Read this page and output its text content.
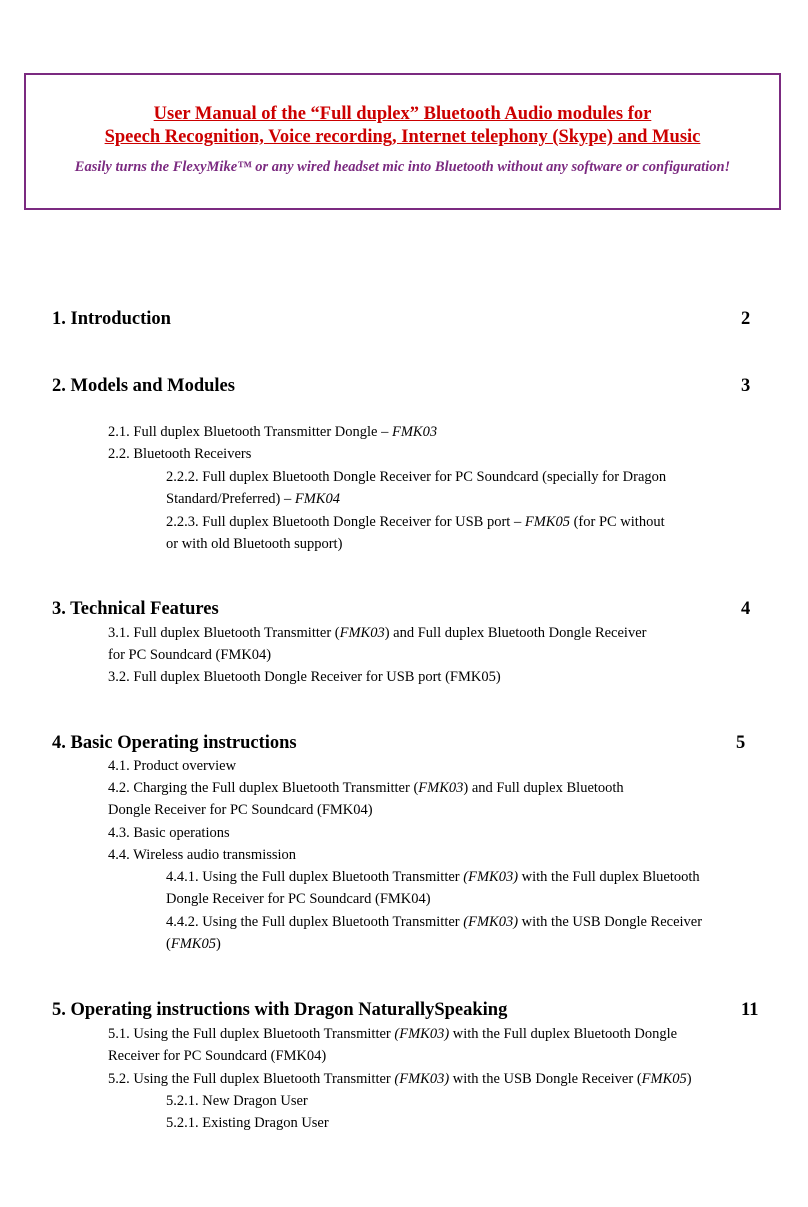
User Manual of the “Full duplex” Bluetooth Audio modules for
Speech Recognition, Voice recording, Internet telephony (Skype) and Music
Easily turns the FlexyMike™ or any wired headset mic into Bluetooth without any software or configuration!
1. Introduction	2
2. Models and Modules	3
2.1. Full duplex Bluetooth Transmitter Dongle – FMK03
2.2. Bluetooth Receivers
2.2.2. Full duplex Bluetooth Dongle Receiver for PC Soundcard (specially for Dragon
Standard/Preferred) – FMK04
2.2.3. Full duplex Bluetooth Dongle Receiver for USB port – FMK05 (for PC without
or with old Bluetooth support)
3. Technical Features	4
3.1. Full duplex Bluetooth Transmitter (FMK03) and Full duplex Bluetooth Dongle Receiver
for PC Soundcard (FMK04)
3.2. Full duplex Bluetooth Dongle Receiver for USB port (FMK05)
4. Basic Operating instructions	5
4.1. Product overview
4.2. Charging the Full duplex Bluetooth Transmitter (FMK03) and Full duplex Bluetooth
Dongle Receiver for PC Soundcard (FMK04)
4.3. Basic operations
4.4. Wireless audio transmission
4.4.1. Using the Full duplex Bluetooth Transmitter (FMK03) with the Full duplex Bluetooth
Dongle Receiver for PC Soundcard (FMK04)
4.4.2. Using the Full duplex Bluetooth Transmitter (FMK03) with the USB Dongle Receiver
(FMK05)
5. Operating instructions with Dragon NaturallySpeaking	11
5.1. Using the Full duplex Bluetooth Transmitter (FMK03) with the Full duplex Bluetooth Dongle
Receiver for PC Soundcard (FMK04)
5.2. Using the Full duplex Bluetooth Transmitter (FMK03) with the USB Dongle Receiver (FMK05)
5.2.1. New Dragon User
5.2.1. Existing Dragon User
